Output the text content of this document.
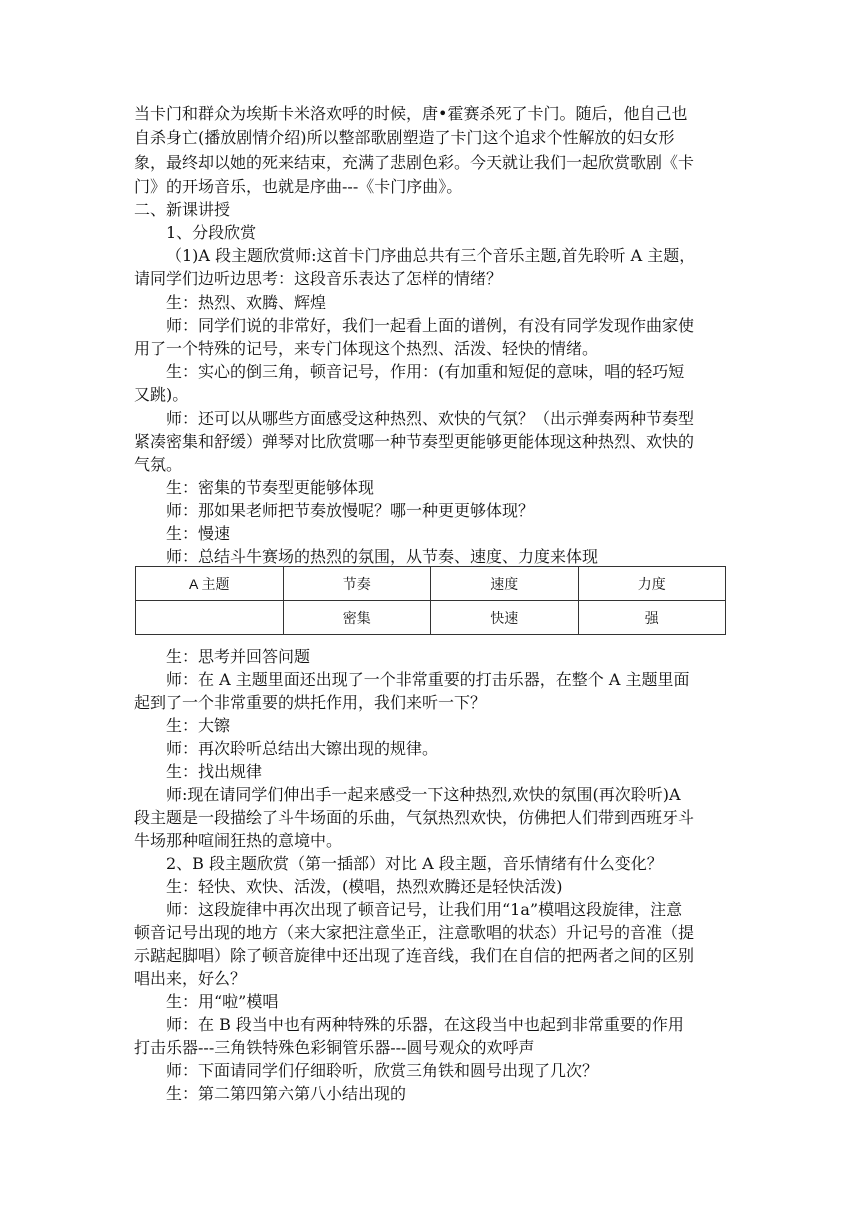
当卡门和群众为埃斯卡米洛欢呼的时候，唐•霍赛杀死了卡门。随后，他自己也
自杀身亡(播放剧情介绍)所以整部歌剧塑造了卡门这个追求个性解放的妇女形
象，最终却以她的死来结束，充满了悲剧色彩。今天就让我们一起欣赏歌剧《卡
门》的开场音乐，也就是序曲---《卡门序曲》。
二、新课讲授
1、分段欣赏
（1)A 段主题欣赏师:这首卡门序曲总共有三个音乐主题,首先聆听 A 主题，
请同学们边听边思考：这段音乐表达了怎样的情绪？
生：热烈、欢腾、辉煌
师：同学们说的非常好，我们一起看上面的谱例，有没有同学发现作曲家使
用了一个特殊的记号，来专门体现这个热烈、活泼、轻快的情绪。
生：实心的倒三角，顿音记号，作用：(有加重和短促的意味，唱的轻巧短
又跳)。
师：还可以从哪些方面感受这种热烈、欢快的气氛？（出示弹奏两种节奏型
紧凑密集和舒缓）弹琴对比欣赏哪一种节奏型更能够更能体现这种热烈、欢快的
气氛。
生：密集的节奏型更能够体现
师：那如果老师把节奏放慢呢？哪一种更更够体现？
生：慢速
师：总结斗牛赛场的热烈的氛围，从节奏、速度、力度来体现
A 主题	节奏	速度	力度
	密集	快速	强
生：思考并回答问题
师：在 A 主题里面还出现了一个非常重要的打击乐器，在整个 A 主题里面
起到了一个非常重要的烘托作用，我们来听一下？
生：大镲
师：再次聆听总结出大镲出现的规律。
生：找出规律
师:现在请同学们伸出手一起来感受一下这种热烈,欢快的氛围(再次聆听)A
段主题是一段描绘了斗牛场面的乐曲，气氛热烈欢快，仿佛把人们带到西班牙斗
牛场那种喧闹狂热的意境中。
2、B 段主题欣赏（第一插部）对比 A 段主题，音乐情绪有什么变化？
生：轻快、欢快、活泼，(模唱，热烈欢腾还是轻快活泼)
师：这段旋律中再次出现了顿音记号，让我们用“1a”模唱这段旋律，注意
顿音记号出现的地方（来大家把注意坐正，注意歌唱的状态）升记号的音准（提
示踮起脚唱）除了顿音旋律中还出现了连音线，我们在自信的把两者之间的区别
唱出来，好么？
生：用“啦”模唱
师：在 B 段当中也有两种特殊的乐器，在这段当中也起到非常重要的作用
打击乐器---三角铁特殊色彩铜管乐器---圆号观众的欢呼声
师：下面请同学们仔细聆听，欣赏三角铁和圆号出现了几次？
生：第二第四第六第八小结出现的
